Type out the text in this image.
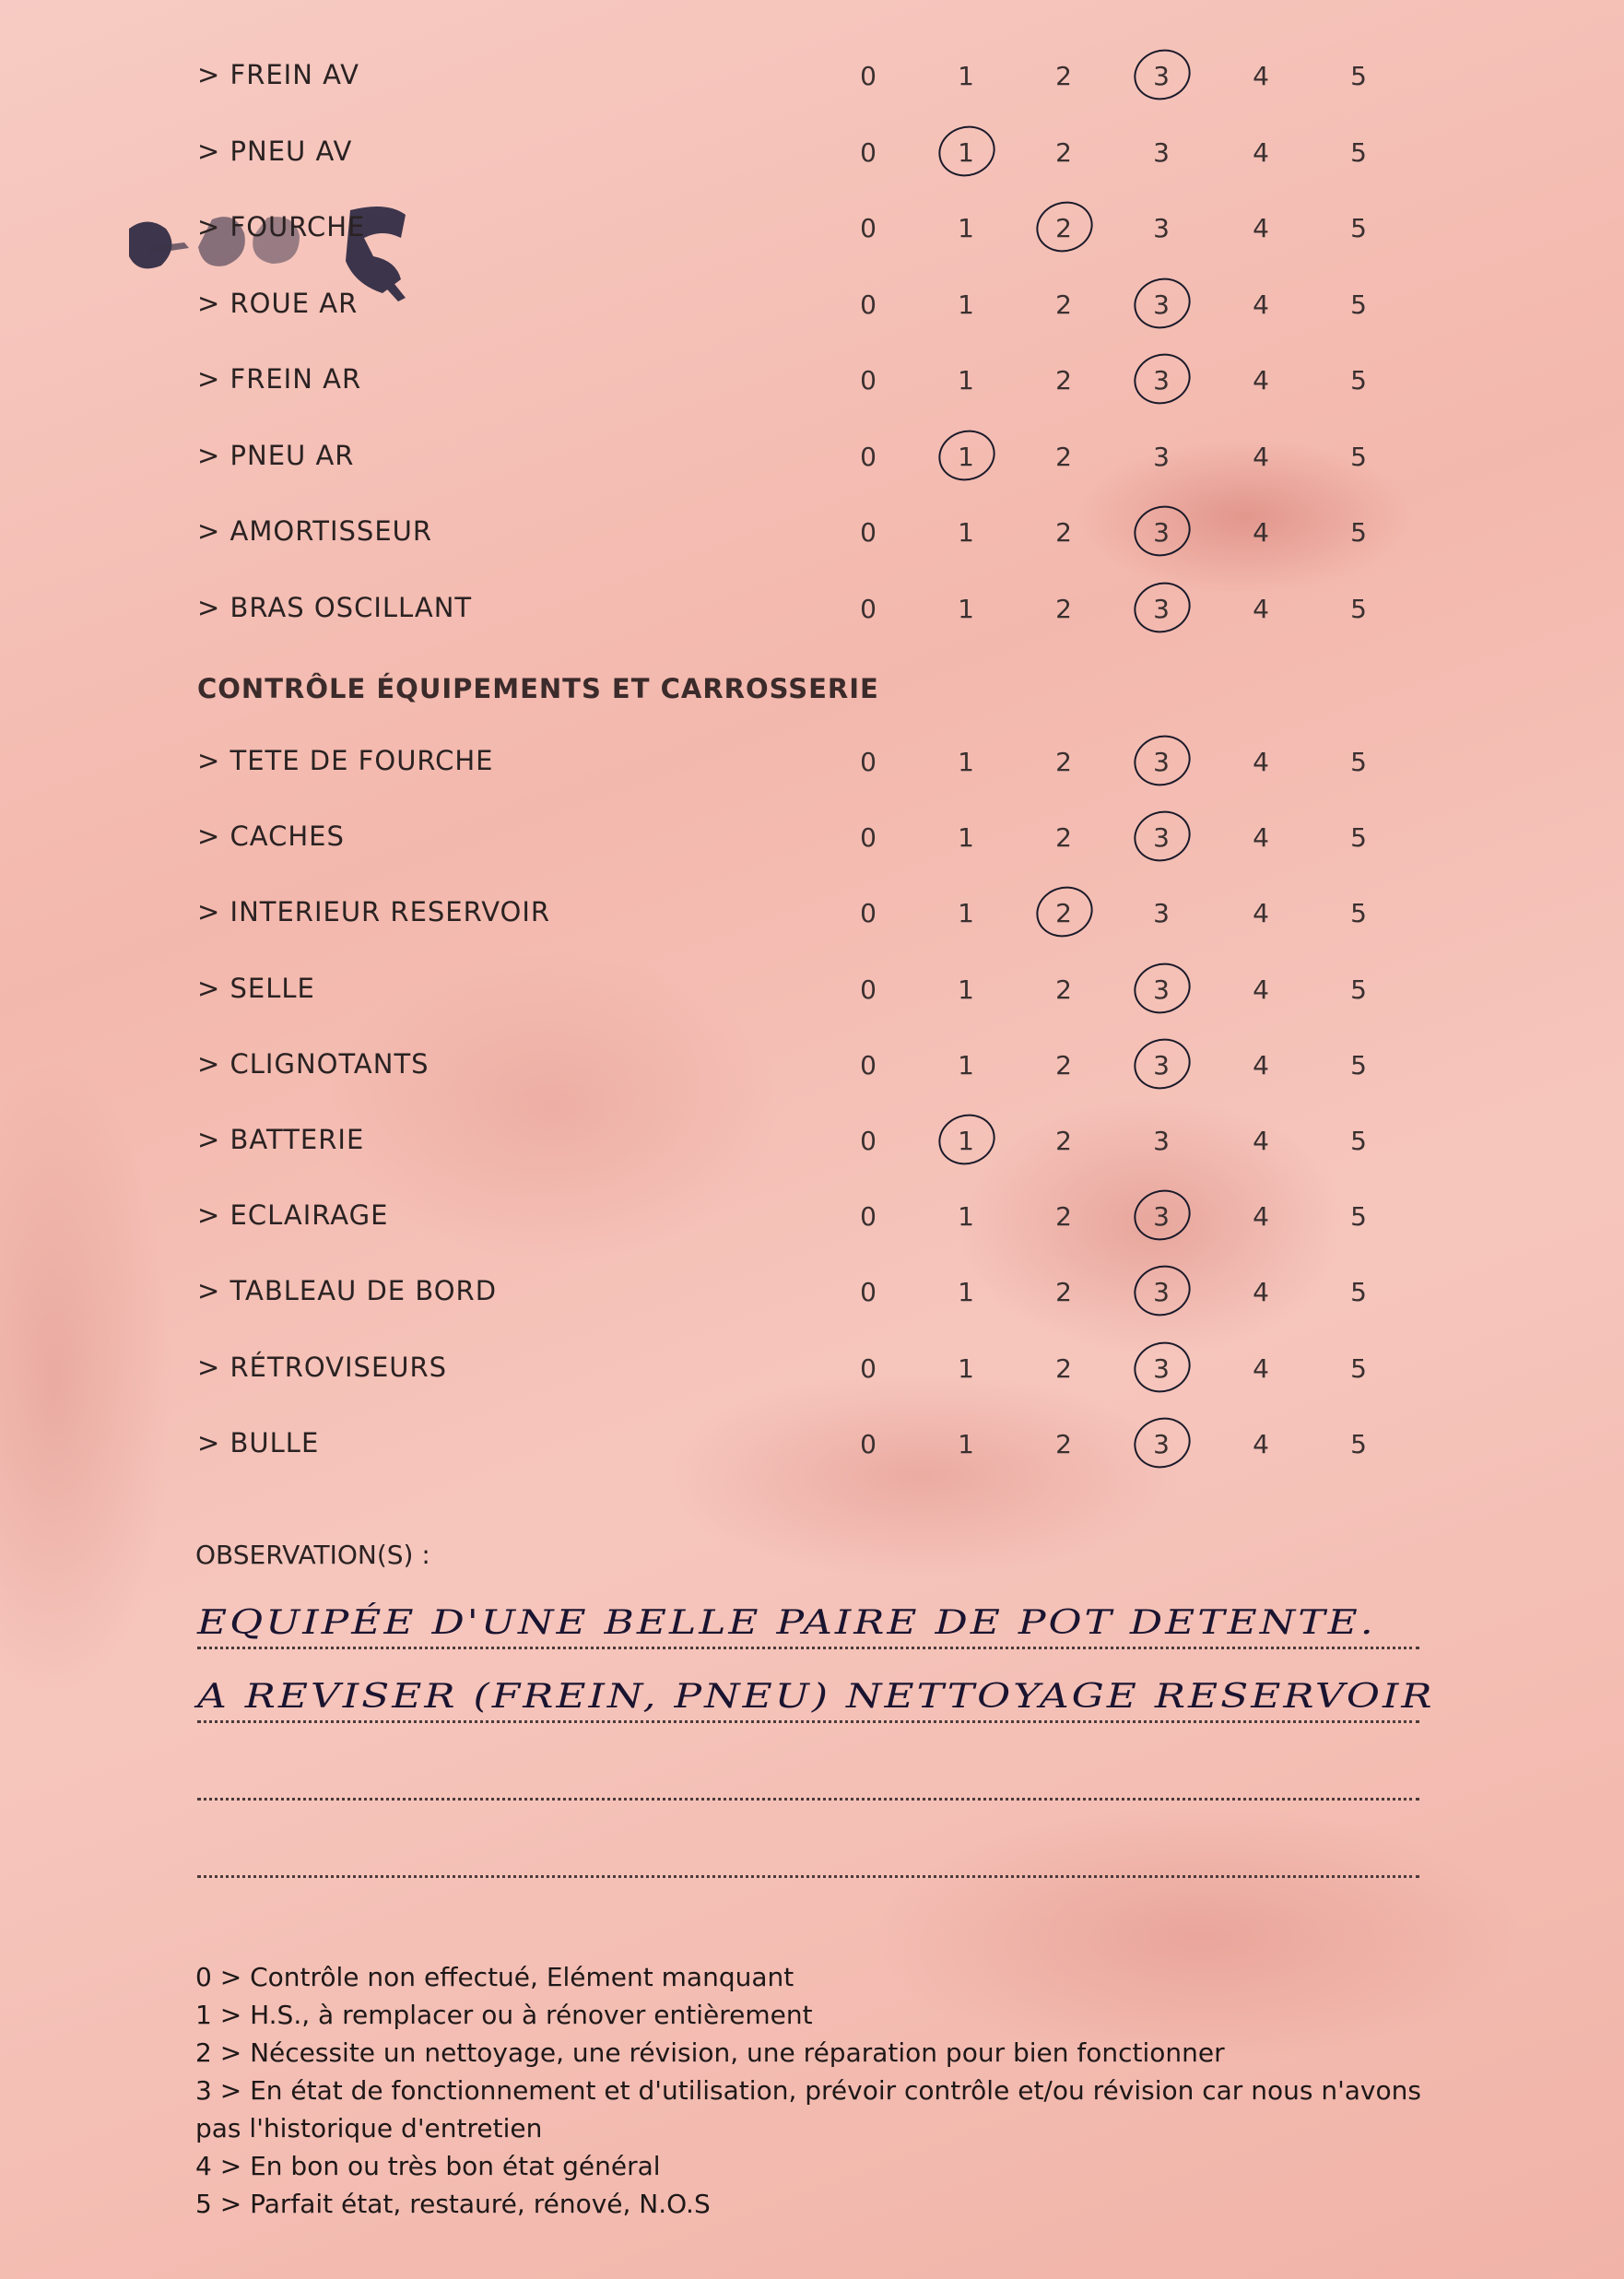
> FREIN AV	0	1	2	3	4	5
> PNEU AV	0	1	2	3	4	5
> FOURCHE	0	1	2	3	4	5
> ROUE AR	0	1	2	3	4	5
> FREIN AR	0	1	2	3	4	5
> PNEU AR	0	1	2	3	4	5
> AMORTISSEUR	0	1	2	3	4	5
> BRAS OSCILLANT	0	1	2	3	4	5
CONTRÔLE ÉQUIPEMENTS ET CARROSSERIE
> TETE DE FOURCHE	0	1	2	3	4	5
> CACHES	0	1	2	3	4	5
> INTERIEUR RESERVOIR	0	1	2	3	4	5
> SELLE	0	1	2	3	4	5
> CLIGNOTANTS	0	1	2	3	4	5
> BATTERIE	0	1	2	3	4	5
> ECLAIRAGE	0	1	2	3	4	5
> TABLEAU DE BORD	0	1	2	3	4	5
> RÉTROVISEURS	0	1	2	3	4	5
> BULLE	0	1	2	3	4	5
OBSERVATION(S) :
EQUIPÉE D'UNE BELLE PAIRE DE POT DETENTE.
A REVISER (FREIN, PNEU) NETTOYAGE RESERVOIR
0 > Contrôle non effectué, Elément manquant
1 > H.S., à remplacer ou à rénover entièrement
2 > Nécessite un nettoyage, une révision, une réparation pour bien fonctionner
3 > En état de fonctionnement et d'utilisation, prévoir contrôle et/ou révision car nous n'avons pas l'historique d'entretien
4 > En bon ou très bon état général
5 > Parfait état, restauré, rénové, N.O.S
